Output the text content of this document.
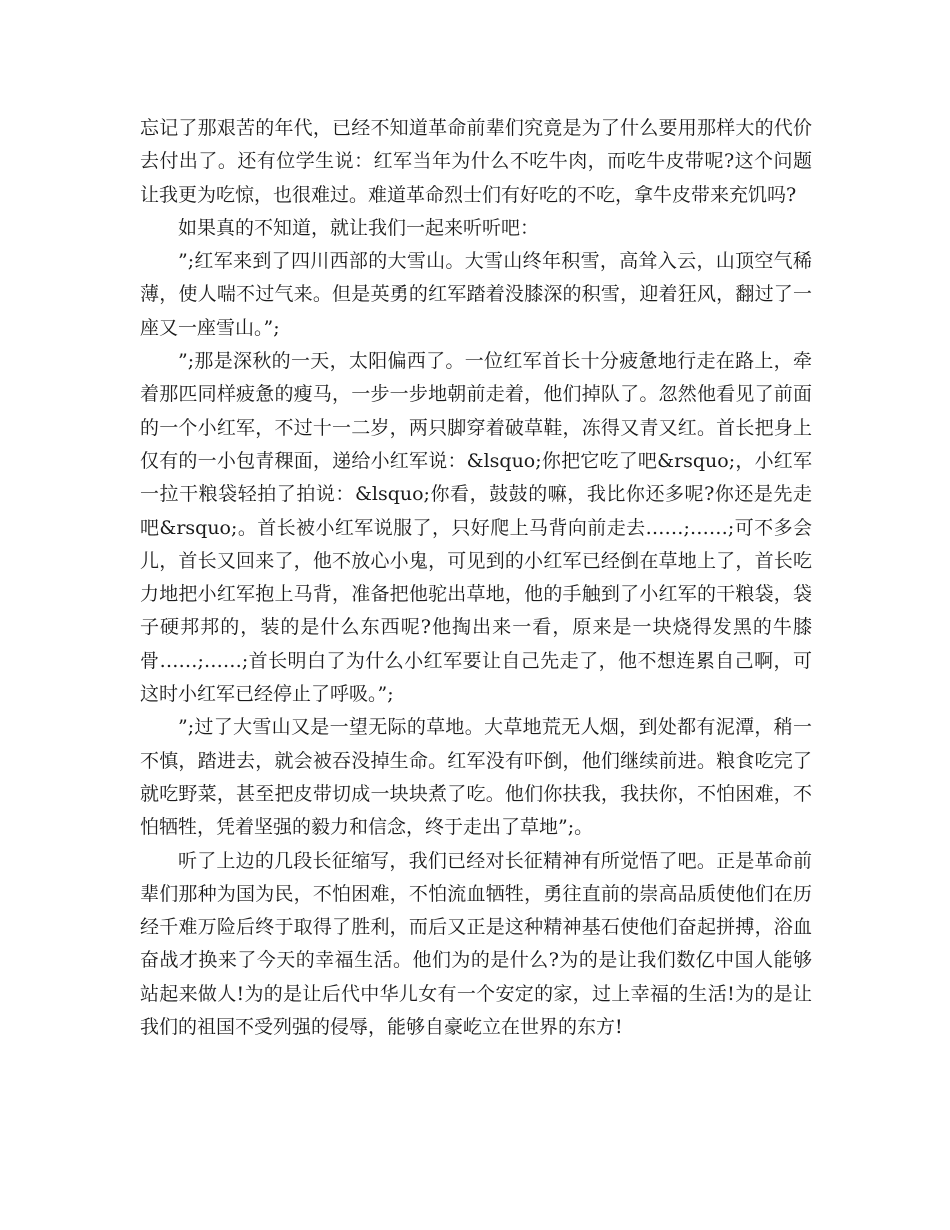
忘记了那艰苦的年代，已经不知道革命前辈们究竟是为了什么要用那样大的代价去付出了。还有位学生说：红军当年为什么不吃牛肉，而吃牛皮带呢?这个问题让我更为吃惊，也很难过。难道革命烈士们有好吃的不吃，拿牛皮带来充饥吗?

如果真的不知道，就让我们一起来听听吧：

”;红军来到了四川西部的大雪山。大雪山终年积雪，高耸入云，山顶空气稀薄，使人喘不过气来。但是英勇的红军踏着没膝深的积雪，迎着狂风，翻过了一座又一座雪山。”;

”;那是深秋的一天，太阳偏西了。一位红军首长十分疲惫地行走在路上，牵着那匹同样疲惫的瘦马，一步一步地朝前走着，他们掉队了。忽然他看见了前面的一个小红军，不过十一二岁，两只脚穿着破草鞋，冻得又青又红。首长把身上仅有的一小包青稞面，递给小红军说：&lsquo;你把它吃了吧&rsquo;，小红军一拉干粮袋轻拍了拍说：&lsquo;你看，鼓鼓的嘛，我比你还多呢?你还是先走吧&rsquo;。首长被小红军说服了，只好爬上马背向前走去……;……;可不多会儿，首长又回来了，他不放心小鬼，可见到的小红军已经倒在草地上了，首长吃力地把小红军抱上马背，准备把他驼出草地，他的手触到了小红军的干粮袋，袋子硬邦邦的，装的是什么东西呢?他掏出来一看，原来是一块烧得发黑的牛膝骨……;……;首长明白了为什么小红军要让自己先走了，他不想连累自己啊，可这时小红军已经停止了呼吸。”;

”;过了大雪山又是一望无际的草地。大草地荒无人烟，到处都有泥潭，稍一不慎，踏进去，就会被吞没掉生命。红军没有吓倒，他们继续前进。粮食吃完了就吃野菜，甚至把皮带切成一块块煮了吃。他们你扶我，我扶你，不怕困难，不怕牺牲，凭着坚强的毅力和信念，终于走出了草地”;。

听了上边的几段长征缩写，我们已经对长征精神有所觉悟了吧。正是革命前辈们那种为国为民，不怕困难，不怕流血牺牲，勇往直前的崇高品质使他们在历经千难万险后终于取得了胜利，而后又正是这种精神基石使他们奋起拼搏，浴血奋战才换来了今天的幸福生活。他们为的是什么?为的是让我们数亿中国人能够站起来做人!为的是让后代中华儿女有一个安定的家，过上幸福的生活!为的是让我们的祖国不受列强的侵辱，能够自豪屹立在世界的东方!
